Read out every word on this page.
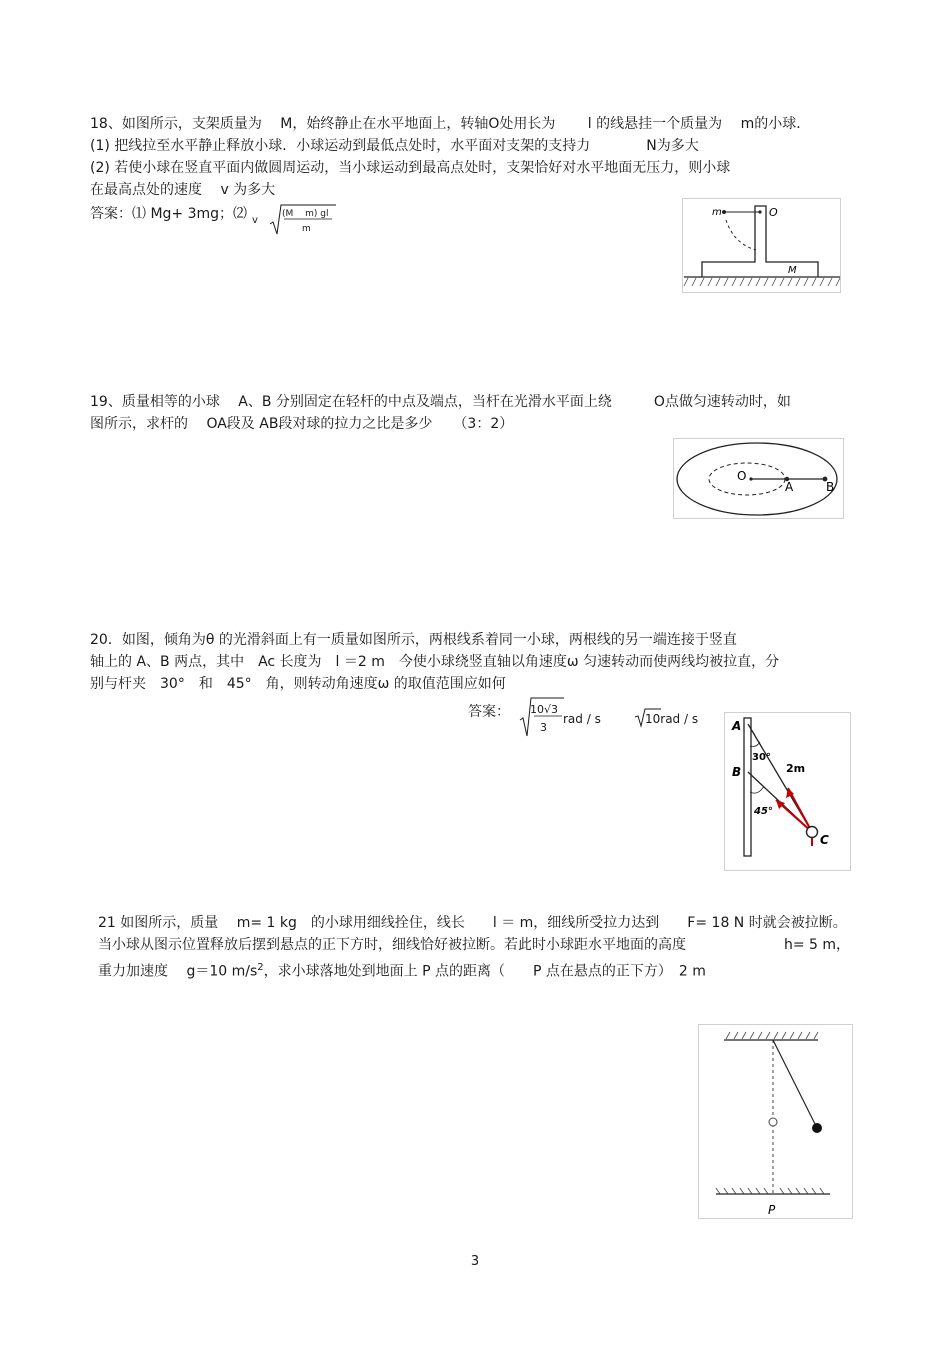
18、如图所示，支架质量为　 M，始终静止在水平地面上，转轴O处用长为　　 l 的线悬挂一个质量为　 m的小球．
(1) 把线拉至水平静止释放小球．小球运动到最低点处时，水平面对支架的支持力　　　　N为多大
(2) 若使小球在竖直平面内做圆周运动，当小球运动到最高点处时，支架恰好对水平地面无压力，则小球
在最高点处的速度　 v 为多大
答案：⑴ Mg+ 3mg；⑵ v
(M　 m) gl
m
m	O
M
19、质量相等的小球　 A、B 分别固定在轻杆的中点及端点，当杆在光滑水平面上绕　　　O点做匀速转动时，如
图所示，求杆的　 OA段及 AB段对球的拉力之比是多少　　（3：2）
O
A	B
20．如图，倾角为θ 的光滑斜面上有一质量如图所示，两根线系着同一小球，两根线的另一端连接于竖直
轴上的 A、B 两点，其中　Ac 长度为　l ＝2 m　今使小球绕竖直轴以角速度ω 匀速转动而使两线均被拉直，分
别与杆夹　30°　和　45°　角，则转动角速度ω 的取值范围应如何
答案： 10√3
3
rad / s	10rad / s	A
B
30°
45°
2m
C
21 如图所示，质量　 m= 1 kg　的小球用细线拴住，线长　　l ＝ m，细线所受拉力达到　　F= 18 N 时就会被拉断。
当小球从图示位置释放后摆到悬点的正下方时，细线恰好被拉断。若此时小球距水平地面的高度　　　　　　　h= 5 m，
重力加速度　 g＝10 $m/s^2$，求小球落地处到地面上 P 点的距离（　　P 点在悬点的正下方）　2 m
P
3
